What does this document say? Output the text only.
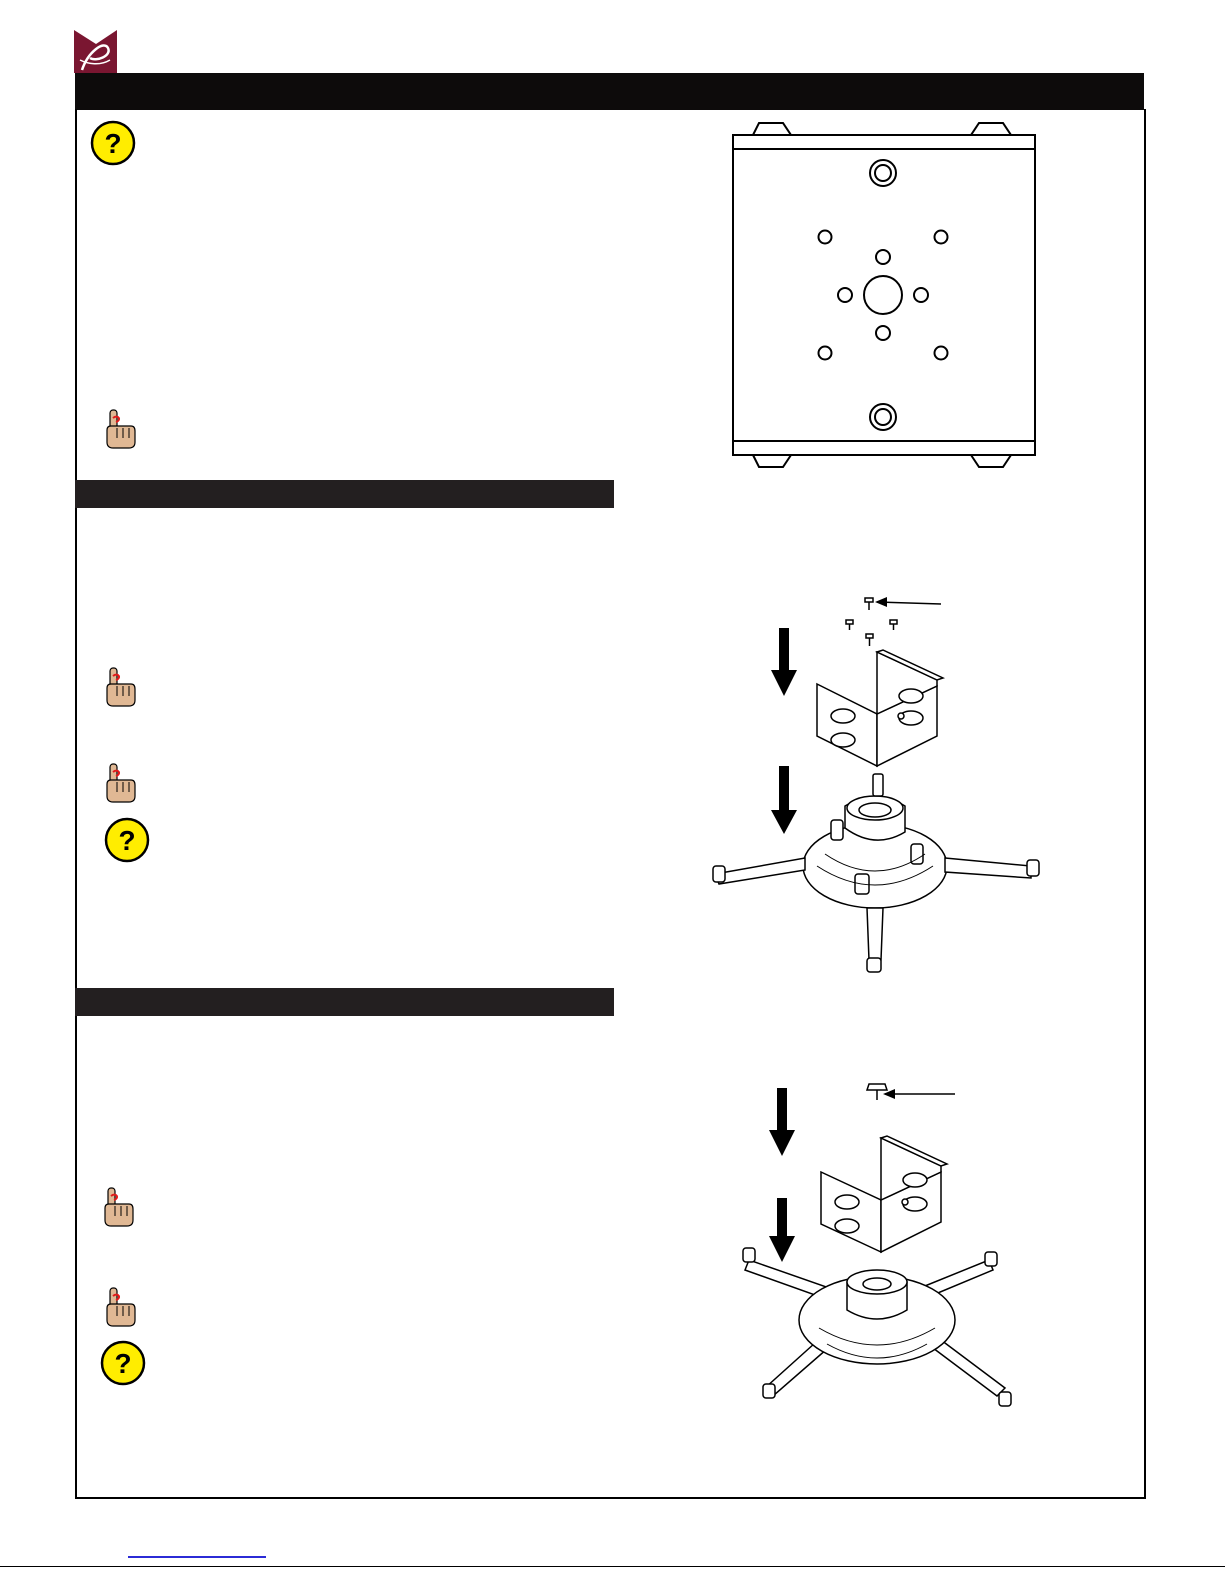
?
?
?
